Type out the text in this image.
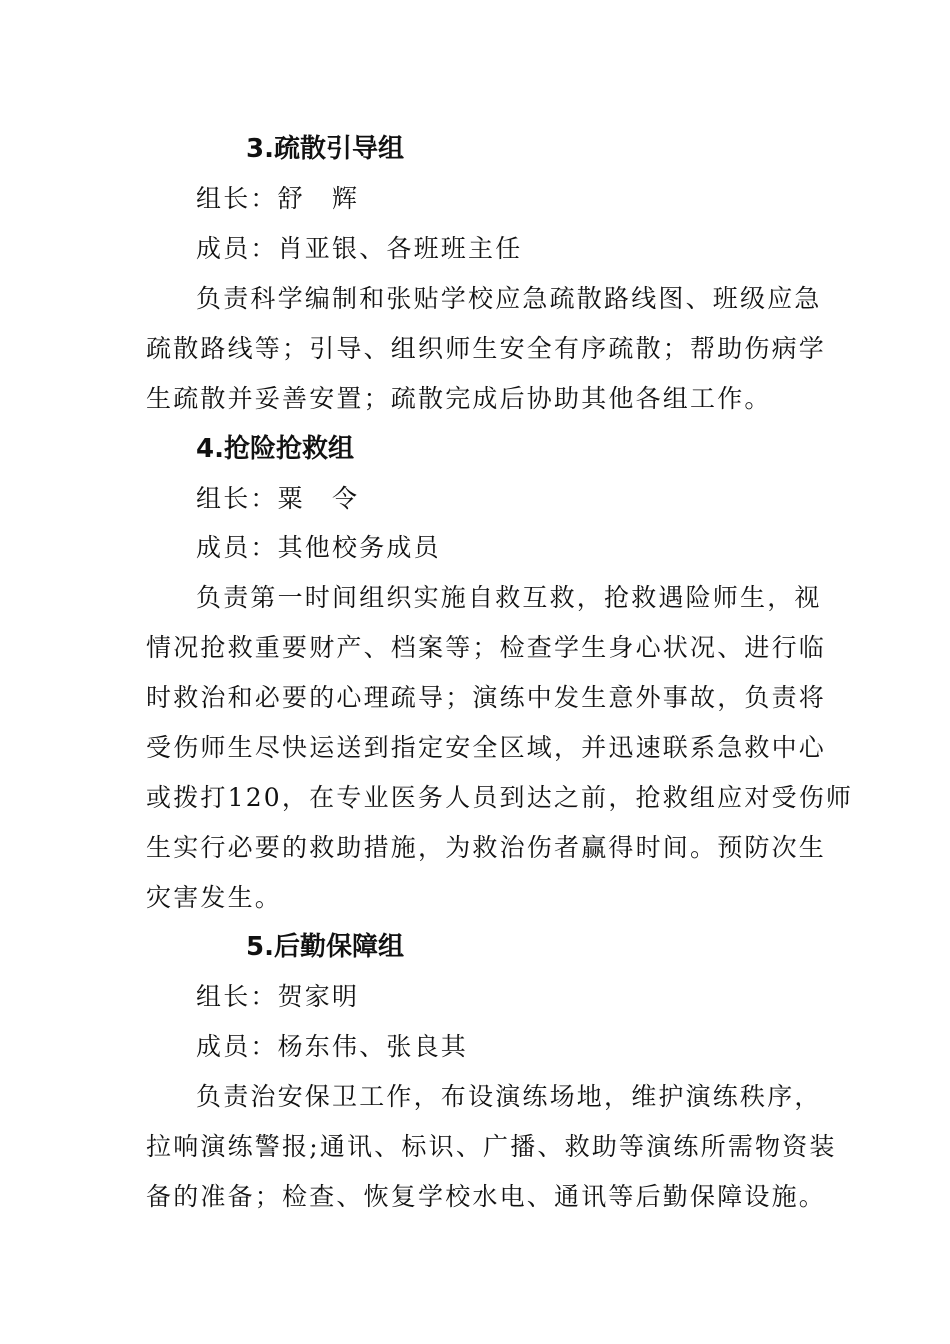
3.疏散引导组
组长：舒　辉
成员：肖亚银、各班班主任
负责科学编制和张贴学校应急疏散路线图、班级应急
疏散路线等；引导、组织师生安全有序疏散；帮助伤病学
生疏散并妥善安置；疏散完成后协助其他各组工作。
4.抢险抢救组
组长：粟　令
成员：其他校务成员
负责第一时间组织实施自救互救，抢救遇险师生，视
情况抢救重要财产、档案等；检查学生身心状况、进行临
时救治和必要的心理疏导；演练中发生意外事故，负责将
受伤师生尽快运送到指定安全区域，并迅速联系急救中心
或拨打120，在专业医务人员到达之前，抢救组应对受伤师
生实行必要的救助措施，为救治伤者赢得时间。预防次生
灾害发生。
5.后勤保障组
组长：贺家明
成员：杨东伟、张良其
负责治安保卫工作，布设演练场地，维护演练秩序，
拉响演练警报;通讯、标识、广播、救助等演练所需物资装
备的准备；检查、恢复学校水电、通讯等后勤保障设施。
